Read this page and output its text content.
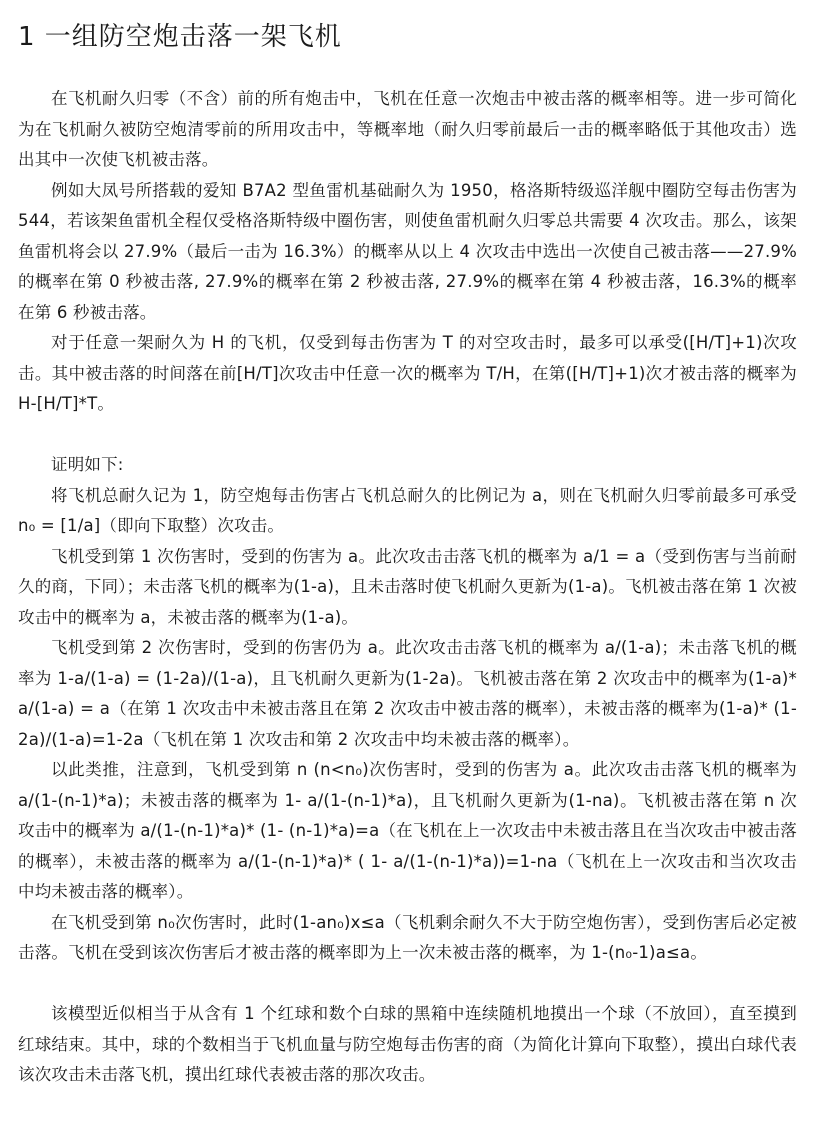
1 一组防空炮击落一架飞机

在飞机耐久归零（不含）前的所有炮击中，飞机在任意一次炮击中被击落的概率相等。进一步可简化为在飞机耐久被防空炮清零前的所用攻击中，等概率地（耐久归零前最后一击的概率略低于其他攻击）选出其中一次使飞机被击落。

例如大凤号所搭载的爱知 B7A2 型鱼雷机基础耐久为 1950，格洛斯特级巡洋舰中圈防空每击伤害为 544，若该架鱼雷机全程仅受格洛斯特级中圈伤害，则使鱼雷机耐久归零总共需要 4 次攻击。那么，该架鱼雷机将会以 27.9%（最后一击为 16.3%）的概率从以上 4 次攻击中选出一次使自己被击落——27.9%的概率在第 0 秒被击落, 27.9%的概率在第 2 秒被击落, 27.9%的概率在第 4 秒被击落，16.3%的概率在第 6 秒被击落。

对于任意一架耐久为 H 的飞机，仅受到每击伤害为 T 的对空攻击时，最多可以承受([H/T]+1)次攻击。其中被击落的时间落在前[H/T]次攻击中任意一次的概率为 T/H，在第([H/T]+1)次才被击落的概率为 H-[H/T]*T。

证明如下:

将飞机总耐久记为 1，防空炮每击伤害占飞机总耐久的比例记为 a，则在飞机耐久归零前最多可承受 n₀ = [1/a]（即向下取整）次攻击。

飞机受到第 1 次伤害时，受到的伤害为 a。此次攻击击落飞机的概率为 a/1 = a（受到伤害与当前耐久的商，下同）；未击落飞机的概率为(1-a)，且未击落时使飞机耐久更新为(1-a)。飞机被击落在第 1 次被攻击中的概率为 a，未被击落的概率为(1-a)。

飞机受到第 2 次伤害时，受到的伤害仍为 a。此次攻击击落飞机的概率为 a/(1-a)；未击落飞机的概率为 1-a/(1-a) = (1-2a)/(1-a)，且飞机耐久更新为(1-2a)。飞机被击落在第 2 次攻击中的概率为(1-a)* a/(1-a) = a（在第 1 次攻击中未被击落且在第 2 次攻击中被击落的概率），未被击落的概率为(1-a)* (1-2a)/(1-a)=1-2a（飞机在第 1 次攻击和第 2 次攻击中均未被击落的概率）。

以此类推，注意到，飞机受到第 n (n<n₀)次伤害时，受到的伤害为 a。此次攻击击落飞机的概率为 a/(1-(n-1)*a)；未被击落的概率为 1- a/(1-(n-1)*a)，且飞机耐久更新为(1-na)。飞机被击落在第 n 次攻击中的概率为 a/(1-(n-1)*a)* (1- (n-1)*a)=a（在飞机在上一次攻击中未被击落且在当次攻击中被击落的概率），未被击落的概率为 a/(1-(n-1)*a)* ( 1- a/(1-(n-1)*a))=1-na（飞机在上一次攻击和当次攻击中均未被击落的概率）。

在飞机受到第 n₀次伤害时，此时(1-an₀)x≤a（飞机剩余耐久不大于防空炮伤害），受到伤害后必定被击落。飞机在受到该次伤害后才被击落的概率即为上一次未被击落的概率，为 1-(n₀-1)a≤a。

该模型近似相当于从含有 1 个红球和数个白球的黑箱中连续随机地摸出一个球（不放回），直至摸到红球结束。其中，球的个数相当于飞机血量与防空炮每击伤害的商（为简化计算向下取整），摸出白球代表该次攻击未击落飞机，摸出红球代表被击落的那次攻击。
